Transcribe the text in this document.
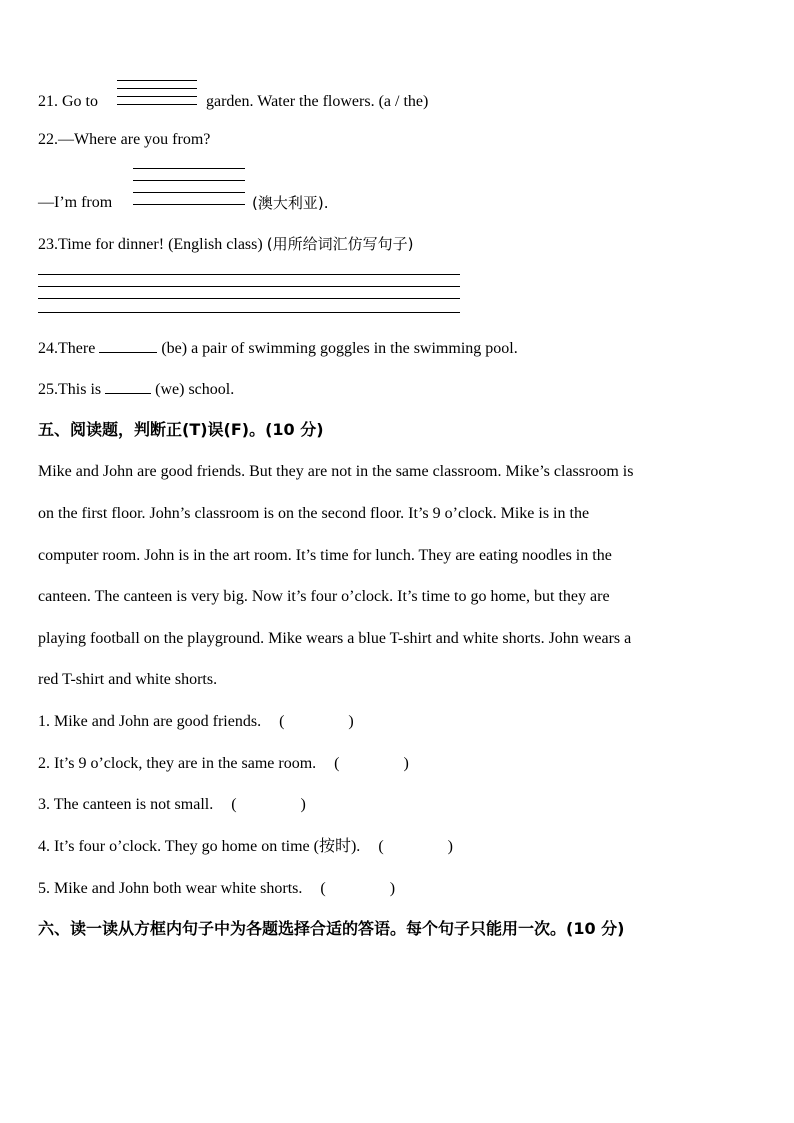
21. Go to	garden. Water the flowers. (a / the)
22.—Where are you from?
—I’m from	(澳大利亚).
23.Time for dinner! (English class) (用所给词汇仿写句子)
24.There	(be) a pair of swimming goggles in the swimming pool.
25.This is	(we) school.
五、阅读题，判断正(T)误(F)。(10 分)
Mike and John are good friends. But they are not in the same classroom. Mike’s classroom is
on the first floor. John’s classroom is on the second floor. It’s 9 o’clock. Mike is in the
computer room. John is in the art room. It’s time for lunch. They are eating noodles in the
canteen. The canteen is very big. Now it’s four o’clock. It’s time to go home, but they are
playing football on the playground. Mike wears a blue T-shirt and white shorts. John wears a
red T-shirt and white shorts.
1. Mike and John are good friends. (　　　　)
2. It’s 9 o’clock, they are in the same room. (　　　　)
3. The canteen is not small. (　　　　)
4. It’s four o’clock. They go home on time (按时). (　　　　)
5. Mike and John both wear white shorts. (　　　　)
六、读一读从方框内句子中为各题选择合适的答语。每个句子只能用一次。(10 分)
